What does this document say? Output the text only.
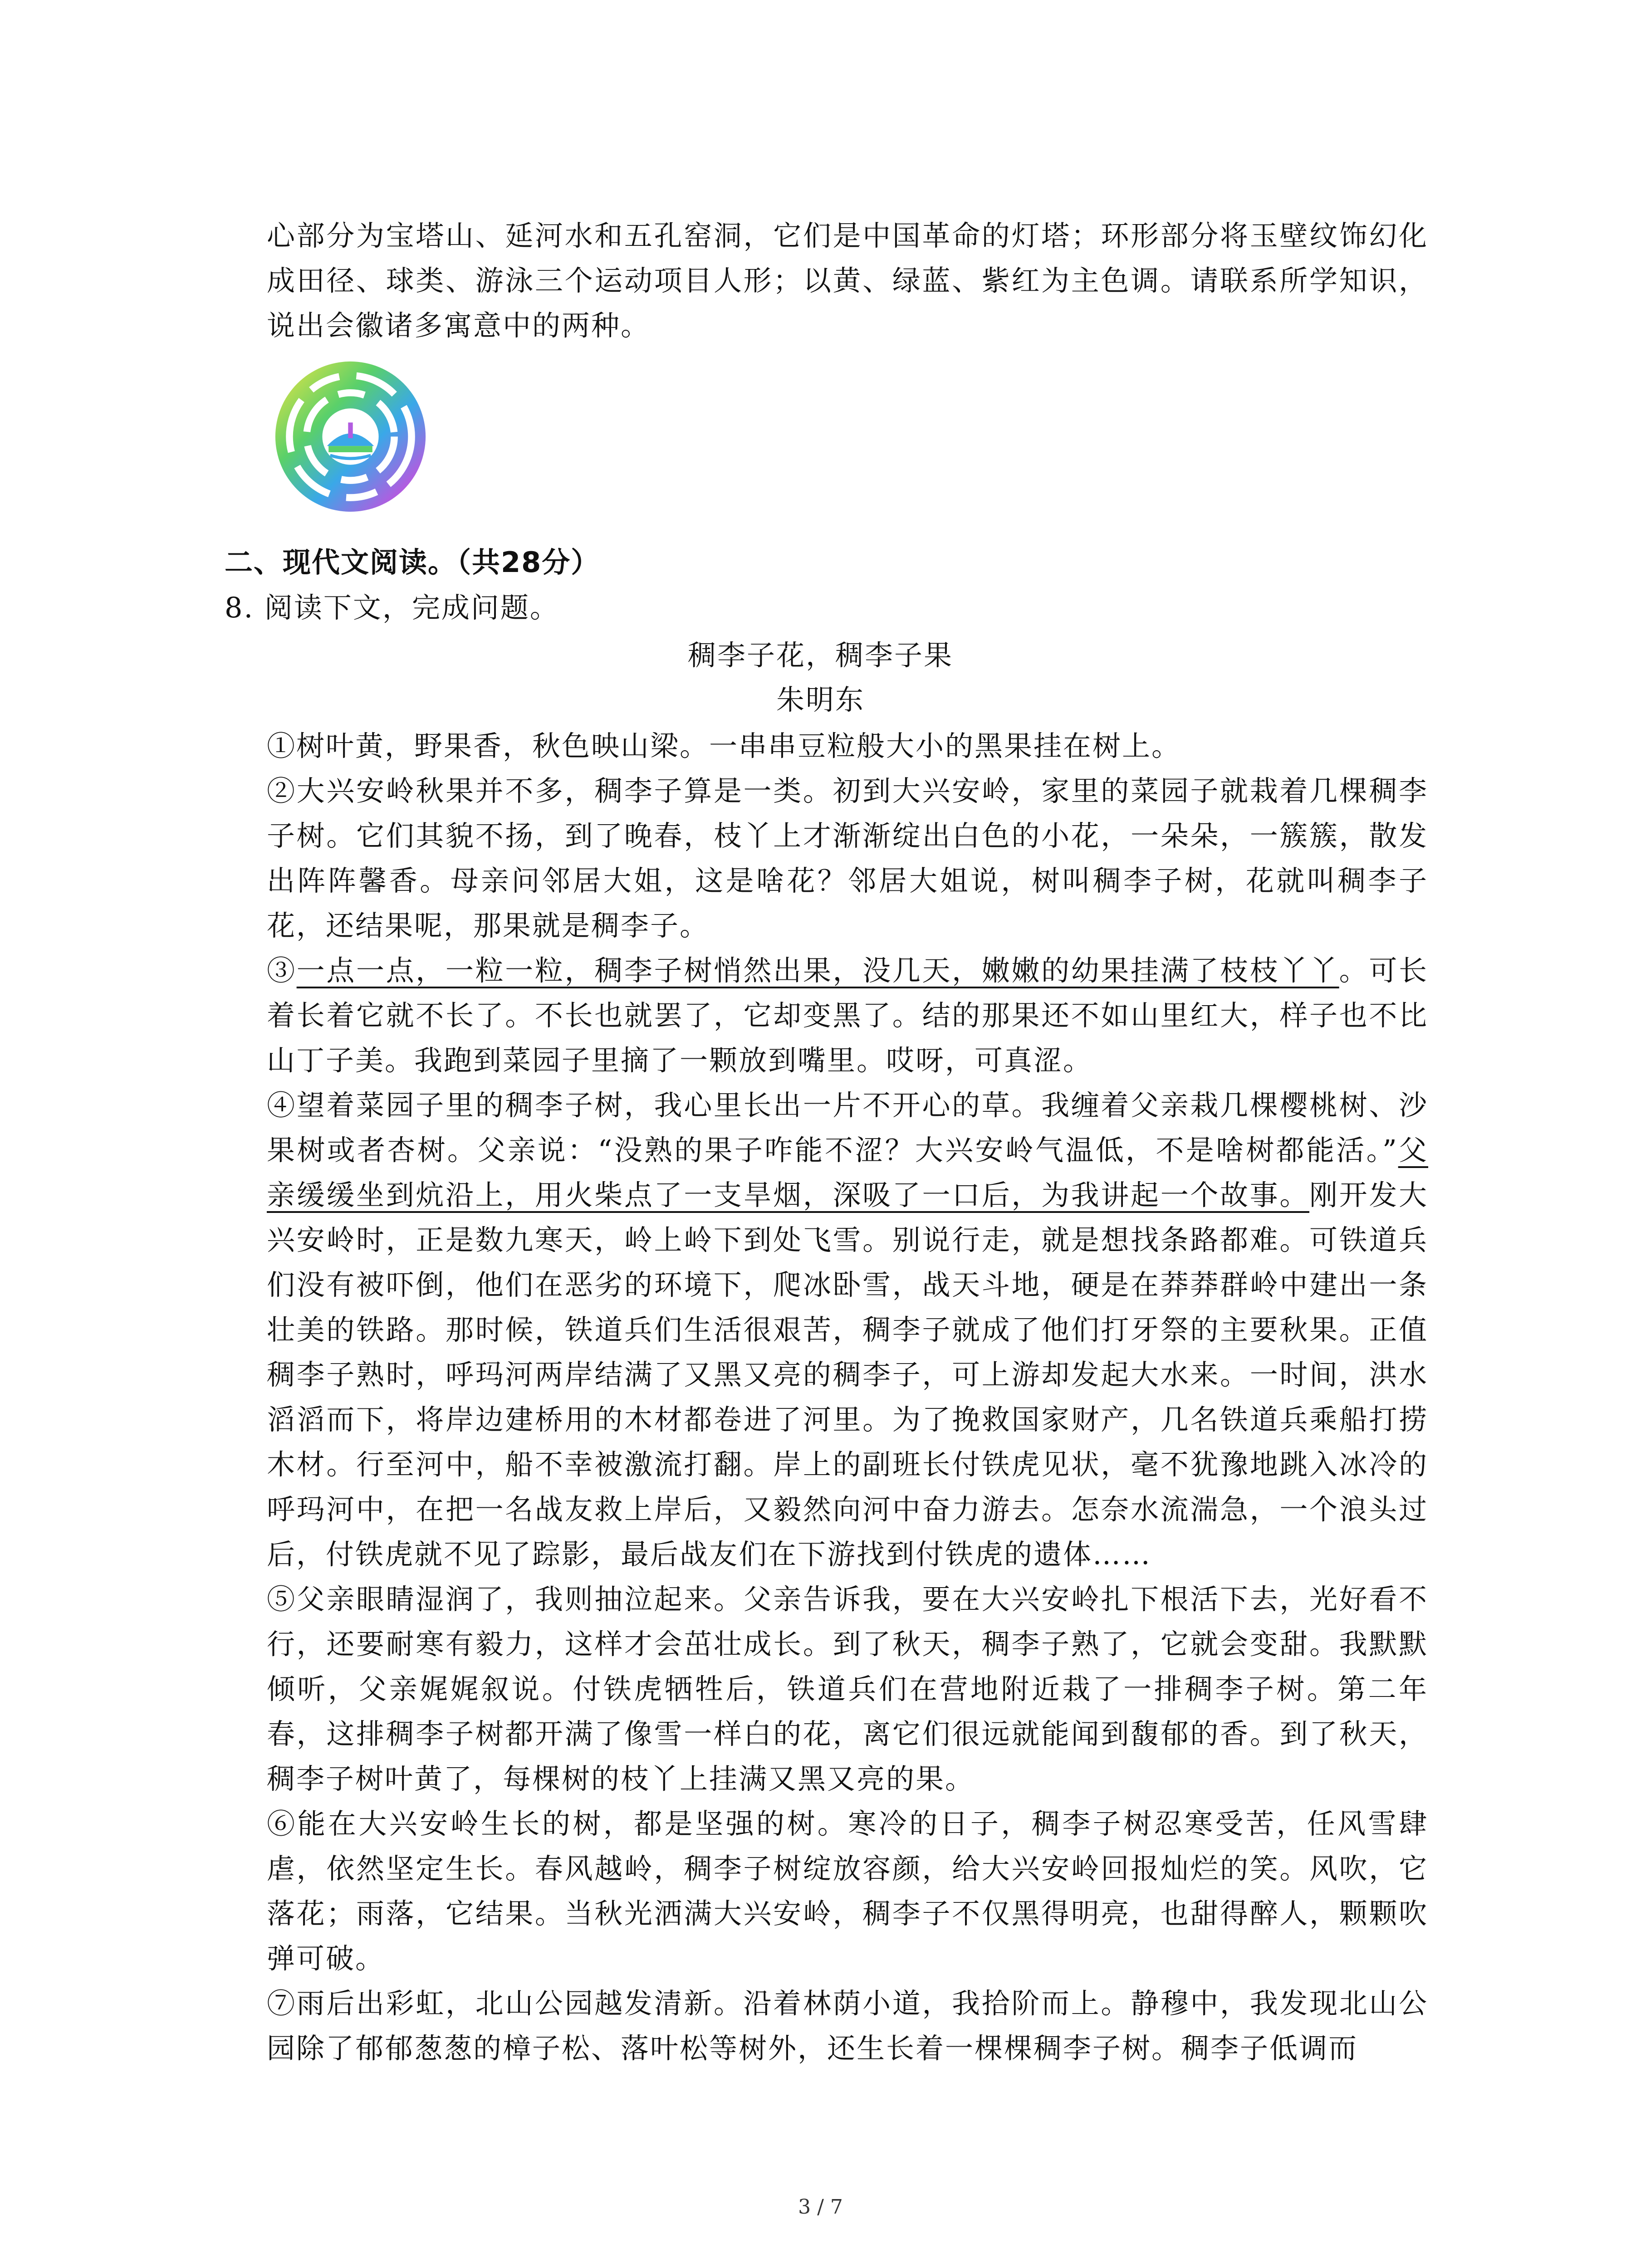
心部分为宝塔山、延河水和五孔窑洞，它们是中国革命的灯塔；环形部分将玉壁纹饰幻化成田径、球类、游泳三个运动项目人形；以黄、绿蓝、紫红为主色调。请联系所学知识，说出会徽诸多寓意中的两种。

二、现代文阅读。（共28分）

8. 阅读下文，完成问题。

稠李子花，稠李子果

朱明东

①树叶黄，野果香，秋色映山梁。一串串豆粒般大小的黑果挂在树上。

②大兴安岭秋果并不多，稠李子算是一类。初到大兴安岭，家里的菜园子就栽着几棵稠李子树。它们其貌不扬，到了晚春，枝丫上才渐渐绽出白色的小花，一朵朵，一簇簇，散发出阵阵馨香。母亲问邻居大姐，这是啥花？邻居大姐说，树叫稠李子树，花就叫稠李子花，还结果呢，那果就是稠李子。

③一点一点，一粒一粒，稠李子树悄然出果，没几天，嫩嫩的幼果挂满了枝枝丫丫。可长着长着它就不长了。不长也就罢了，它却变黑了。结的那果还不如山里红大，样子也不比山丁子美。我跑到菜园子里摘了一颗放到嘴里。哎呀，可真涩。

④望着菜园子里的稠李子树，我心里长出一片不开心的草。我缠着父亲栽几棵樱桃树、沙果树或者杏树。父亲说：“没熟的果子咋能不涩？大兴安岭气温低，不是啥树都能活。”父亲缓缓坐到炕沿上，用火柴点了一支旱烟，深吸了一口后，为我讲起一个故事。刚开发大兴安岭时，正是数九寒天，岭上岭下到处飞雪。别说行走，就是想找条路都难。可铁道兵们没有被吓倒，他们在恶劣的环境下，爬冰卧雪，战天斗地，硬是在莽莽群岭中建出一条壮美的铁路。那时候，铁道兵们生活很艰苦，稠李子就成了他们打牙祭的主要秋果。正值稠李子熟时，呼玛河两岸结满了又黑又亮的稠李子，可上游却发起大水来。一时间，洪水滔滔而下，将岸边建桥用的木材都卷进了河里。为了挽救国家财产，几名铁道兵乘船打捞木材。行至河中，船不幸被激流打翻。岸上的副班长付铁虎见状，毫不犹豫地跳入冰冷的呼玛河中，在把一名战友救上岸后，又毅然向河中奋力游去。怎奈水流湍急，一个浪头过后，付铁虎就不见了踪影，最后战友们在下游找到付铁虎的遗体……

⑤父亲眼睛湿润了，我则抽泣起来。父亲告诉我，要在大兴安岭扎下根活下去，光好看不行，还要耐寒有毅力，这样才会茁壮成长。到了秋天，稠李子熟了，它就会变甜。我默默倾听，父亲娓娓叙说。付铁虎牺牲后，铁道兵们在营地附近栽了一排稠李子树。第二年春，这排稠李子树都开满了像雪一样白的花，离它们很远就能闻到馥郁的香。到了秋天，稠李子树叶黄了，每棵树的枝丫上挂满又黑又亮的果。

⑥能在大兴安岭生长的树，都是坚强的树。寒冷的日子，稠李子树忍寒受苦，任风雪肆虐，依然坚定生长。春风越岭，稠李子树绽放容颜，给大兴安岭回报灿烂的笑。风吹，它落花；雨落，它结果。当秋光洒满大兴安岭，稠李子不仅黑得明亮，也甜得醉人，颗颗吹弹可破。

⑦雨后出彩虹，北山公园越发清新。沿着林荫小道，我拾阶而上。静穆中，我发现北山公园除了郁郁葱葱的樟子松、落叶松等树外，还生长着一棵棵稠李子树。稠李子低调而

3 / 7
